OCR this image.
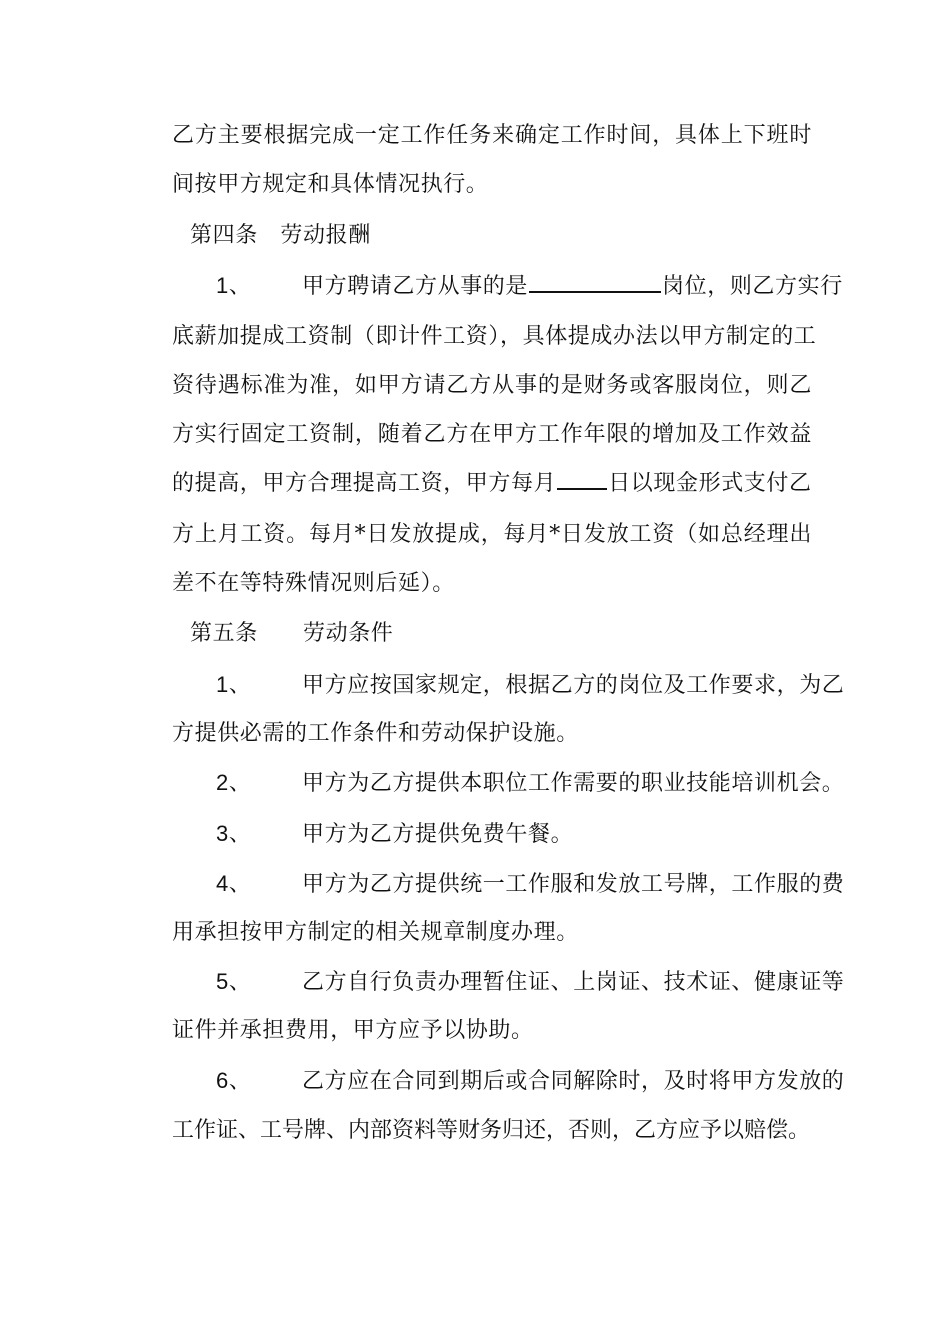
乙方主要根据完成一定工作任务来确定工作时间，具体上下班时
间按甲方规定和具体情况执行。
第四条　劳动报酬
1、 甲方聘请乙方从事的是	岗位，则乙方实行
底薪加提成工资制（即计件工资），具体提成办法以甲方制定的工
资待遇标准为准，如甲方请乙方从事的是财务或客服岗位，则乙
方实行固定工资制，随着乙方在甲方工作年限的增加及工作效益
的提高，甲方合理提高工资，甲方每月 日以现金形式支付乙
方上月工资。每月*日发放提成，每月*日发放工资（如总经理出
差不在等特殊情况则后延）。
第五条　　劳动条件
1、 甲方应按国家规定，根据乙方的岗位及工作要求，为乙
方提供必需的工作条件和劳动保护设施。
2、 甲方为乙方提供本职位工作需要的职业技能培训机会。
3、 甲方为乙方提供免费午餐。
4、 甲方为乙方提供统一工作服和发放工号牌，工作服的费
用承担按甲方制定的相关规章制度办理。
5、 乙方自行负责办理暂住证、上岗证、技术证、健康证等
证件并承担费用，甲方应予以协助。
6、 乙方应在合同到期后或合同解除时，及时将甲方发放的
工作证、工号牌、内部资料等财务归还，否则，乙方应予以赔偿。
